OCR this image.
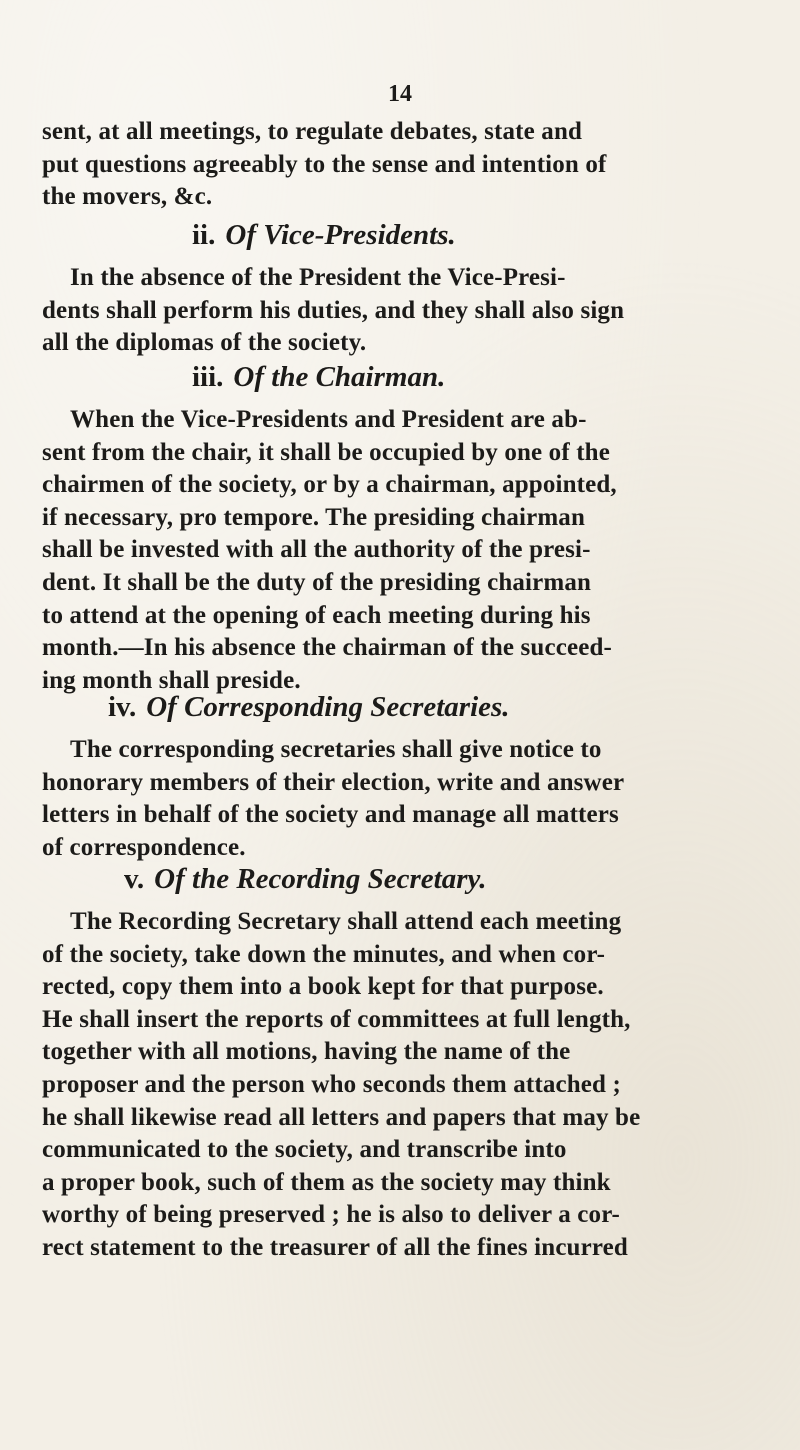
14
sent, at all meetings, to regulate debates, state and
put questions agreeably to the sense and intention of
the movers, &c.
ii. Of Vice-Presidents.
In the absence of the President the Vice-Presi-
dents shall perform his duties, and they shall also sign
all the diplomas of the society.
iii. Of the Chairman.
When the Vice-Presidents and President are ab-
sent from the chair, it shall be occupied by one of the
chairmen of the society, or by a chairman, appointed,
if necessary, pro tempore. The presiding chairman
shall be invested with all the authority of the presi-
dent. It shall be the duty of the presiding chairman
to attend at the opening of each meeting during his
month.—In his absence the chairman of the succeed-
ing month shall preside.
iv. Of Corresponding Secretaries.
The corresponding secretaries shall give notice to
honorary members of their election, write and answer
letters in behalf of the society and manage all matters
of correspondence.
v. Of the Recording Secretary.
The Recording Secretary shall attend each meeting
of the society, take down the minutes, and when cor-
rected, copy them into a book kept for that purpose.
He shall insert the reports of committees at full length,
together with all motions, having the name of the
proposer and the person who seconds them attached ;
he shall likewise read all letters and papers that may be
communicated to the society, and transcribe into
a proper book, such of them as the society may think
worthy of being preserved ; he is also to deliver a cor-
rect statement to the treasurer of all the fines incurred
